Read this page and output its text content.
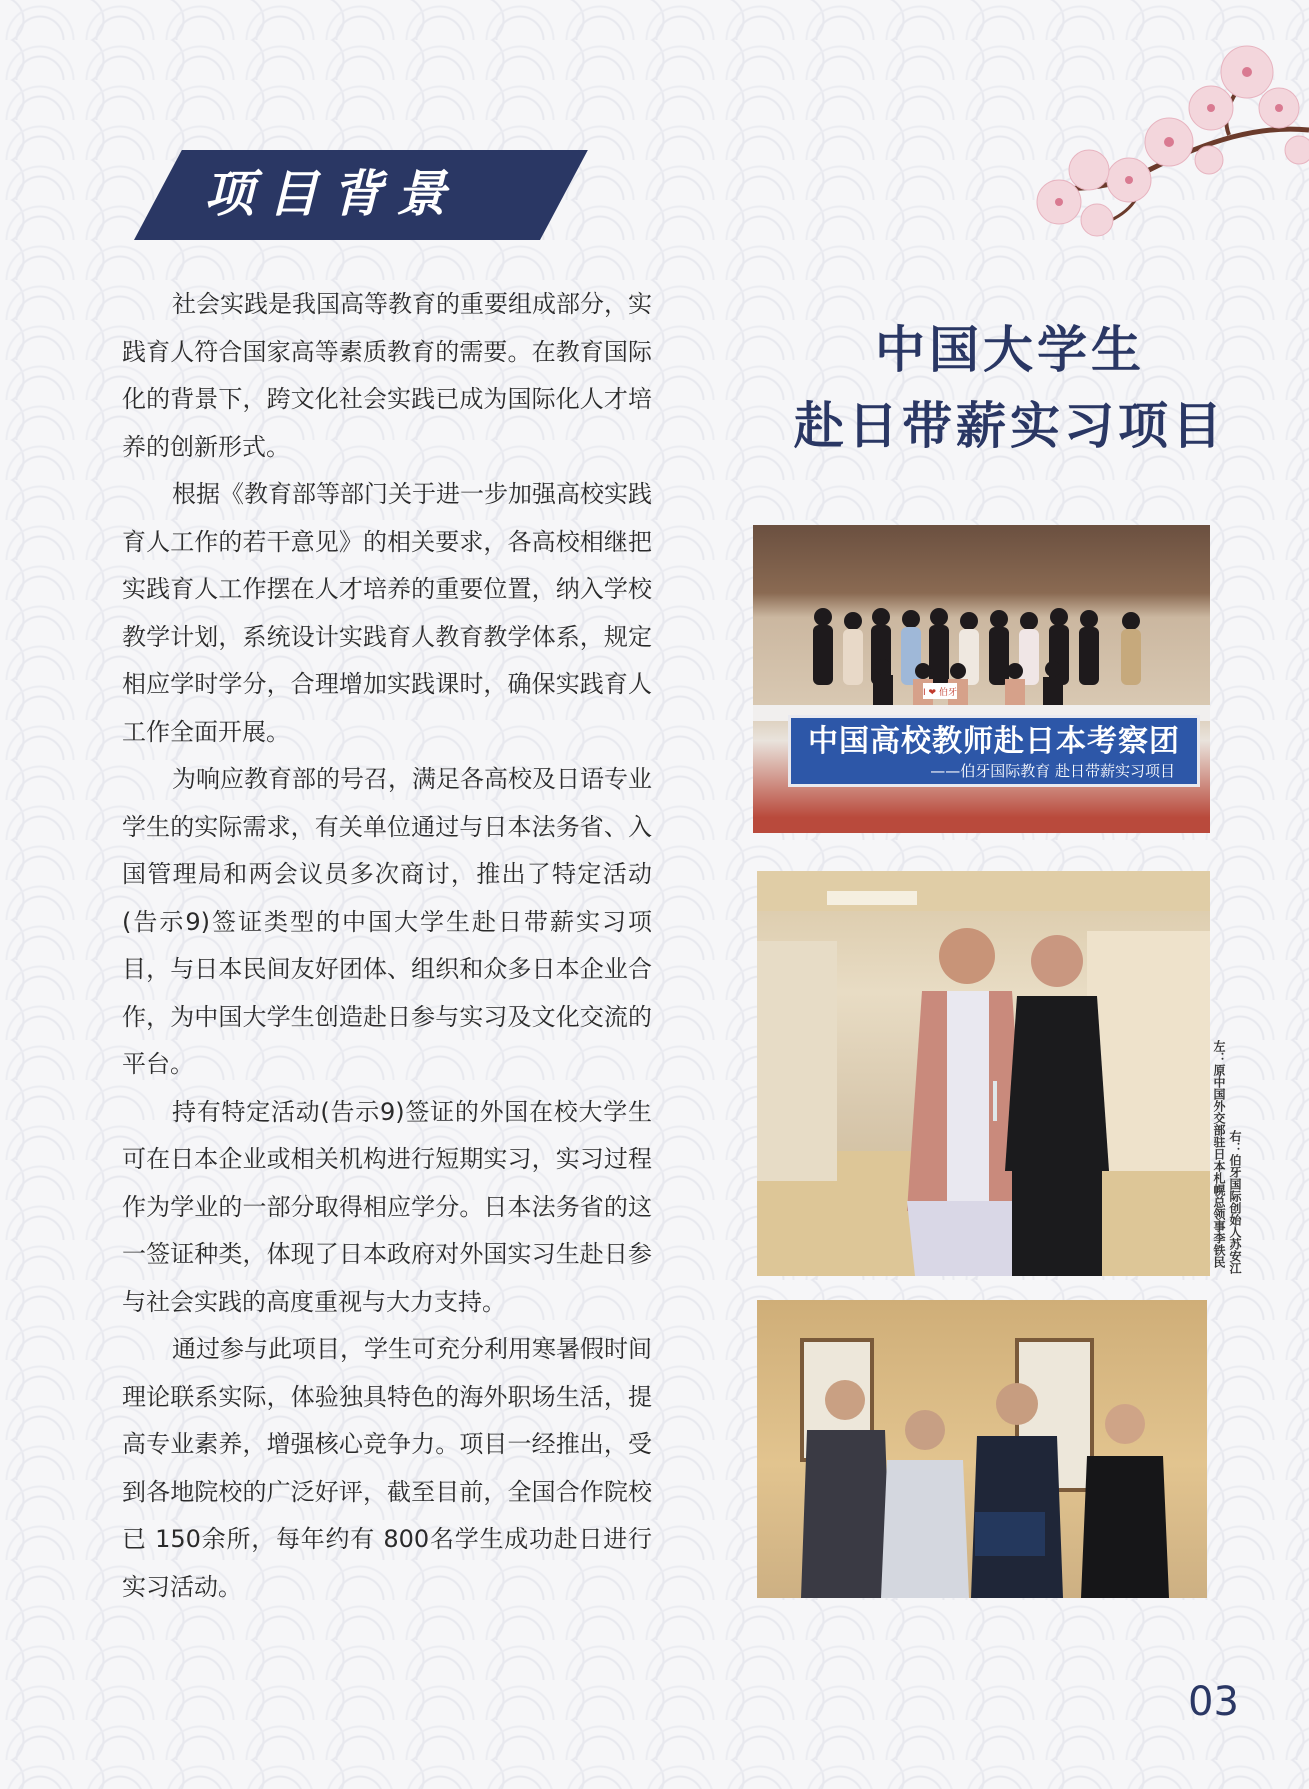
项目背景

社会实践是我国高等教育的重要组成部分，实践育人符合国家高等素质教育的需要。在教育国际化的背景下，跨文化社会实践已成为国际化人才培养的创新形式。

根据《教育部等部门关于进一步加强高校实践育人工作的若干意见》的相关要求，各高校相继把实践育人工作摆在人才培养的重要位置，纳入学校教学计划，系统设计实践育人教育教学体系，规定相应学时学分，合理增加实践课时，确保实践育人工作全面开展。

为响应教育部的号召，满足各高校及日语专业学生的实际需求，有关单位通过与日本法务省、入国管理局和两会议员多次商讨，推出了特定活动(告示9)签证类型的中国大学生赴日带薪实习项目，与日本民间友好团体、组织和众多日本企业合作，为中国大学生创造赴日参与实习及文化交流的平台。

持有特定活动(告示9)签证的外国在校大学生可在日本企业或相关机构进行短期实习，实习过程作为学业的一部分取得相应学分。日本法务省的这一签证种类，体现了日本政府对外国实习生赴日参与社会实践的高度重视与大力支持。

通过参与此项目，学生可充分利用寒暑假时间理论联系实际，体验独具特色的海外职场生活，提高专业素养，增强核心竞争力。项目一经推出，受到各地院校的广泛好评，截至目前，全国合作院校已 150余所，每年约有 800名学生成功赴日进行实习活动。

中国大学生
赴日带薪实习项目
I ❤ 伯牙
中国高校教师赴日本考察团
——伯牙国际教育 赴日带薪实习项目
左：原中国外交部驻日本札幌总领事李铁民 右：伯牙国际创始人苏安江
03
